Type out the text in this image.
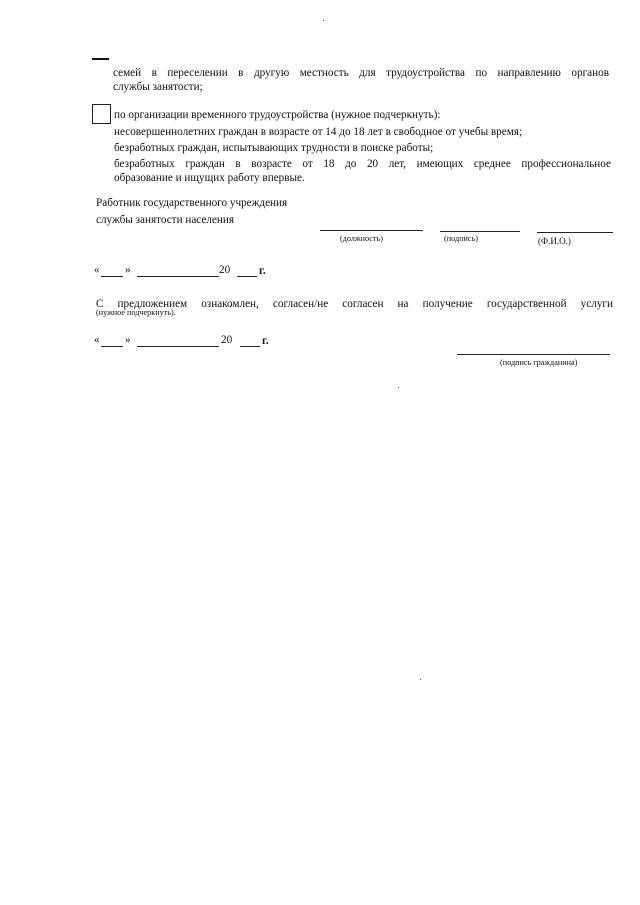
семей в переселении в другую местность для трудоустройства по направлению органов
службы занятости;
по организации временного трудоустройства (нужное подчеркнуть):
несовершеннолетних граждан в возрасте от 14 до 18 лет в свободное от учебы время;
безработных граждан, испытывающих трудности в поиске работы;
безработных граждан в возрасте от 18 до 20 лет, имеющих среднее профессиональное
образование и ищущих работу впервые.
Работник государственного учреждения
службы занятости населения
(должность)	(подпись)	(Ф.И.О.)
« »	20	г.
С предложением ознакомлен, согласен/не согласен на получение государственной услуги
(нужное подчеркнуть).
« »	20	г.
(подпись гражданина)
